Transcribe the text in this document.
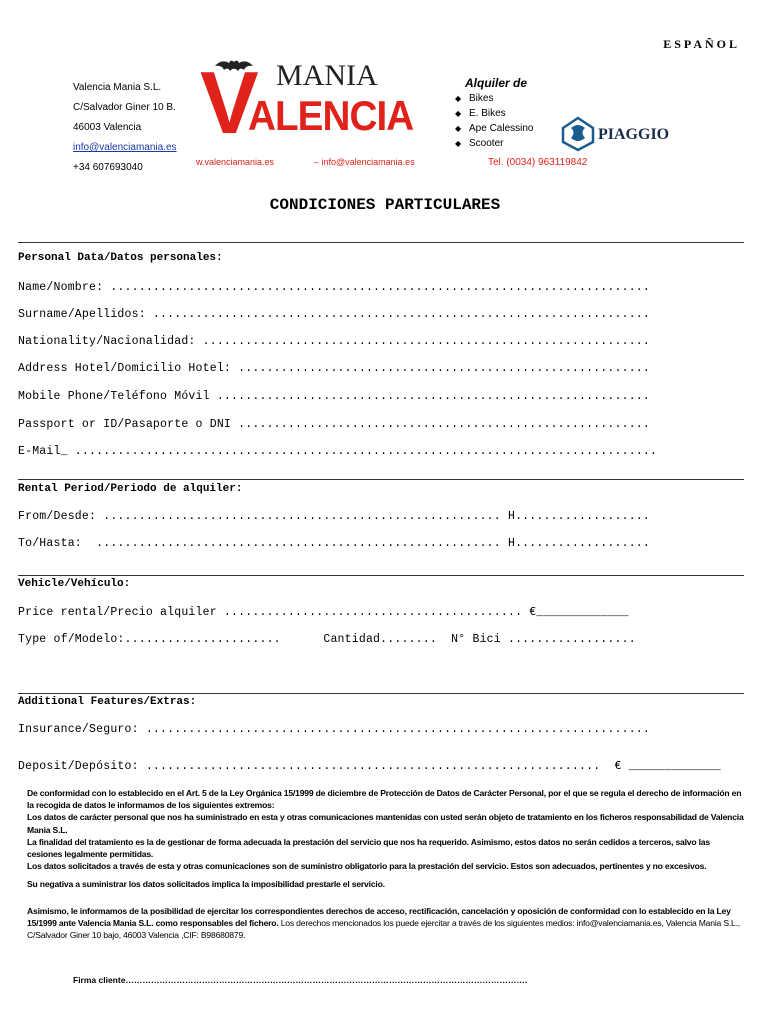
ESPAÑOL
Valencia Mania S.L.
C/Salvador Giner 10 B.
46003 Valencia
info@valenciamania.es
+34 607693040
V MANIA
ALENCIA
w.valenciamania.es	– info@valenciamania.es
Alquiler de
◆ Bikes
◆ E. Bikes
◆ Ape Calessino
◆ Scooter
Tel. (0034) 963119842
PIAGGIO
CONDICIONES PARTICULARES
Personal Data/Datos personales:
Name/Nombre: ............................................................................
Surname/Apellidos: ......................................................................
Nationality/Nacionalidad: ...............................................................
Address Hotel/Domicilio Hotel: ..........................................................
Mobile Phone/Teléfono Móvil .............................................................
Passport or ID/Pasaporte o DNI ..........................................................
E-Mail_ ..................................................................................
Rental Period/Periodo de alquiler:
From/Desde: ........................................................ H...................
To/Hasta:  ......................................................... H...................
Vehicle/Vehículo:
Price rental/Precio alquiler .......................................... €_____________
Type of/Modelo:......................      Cantidad........  N° Bici ..................
Additional Features/Extras:
Insurance/Seguro: .......................................................................
Deposit/Depósito: ................................................................  € _____________

De conformidad con lo establecido en el Art. 5 de la Ley Orgánica 15/1999 de diciembre de Protección de Datos de Carácter Personal, por el que se regula el derecho de información en la recogida de datos le informamos de los siguientes extremos:

Los datos de carácter personal que nos ha suministrado en esta y otras comunicaciones mantenidas con usted serán objeto de tratamiento en los ficheros responsabilidad de Valencia Mania S.L.

La finalidad del tratamiento es la de gestionar de forma adecuada la prestación del servicio que nos ha requerido. Asimismo, estos datos no serán cedidos a terceros, salvo las cesiones legalmente permitidas.

Los datos solicitados a través de esta y otras comunicaciones son de suministro obligatorio para la prestación del servicio. Estos son adecuados, pertinentes y no excesivos.

Su negativa a suministrar los datos solicitados implica la imposibilidad prestarle el servicio.

Asimismo, le informamos de la posibilidad de ejercitar los correspondientes derechos de acceso, rectificación, cancelación y oposición de conformidad con lo establecido en la Ley 15/1999 ante Valencia Mania S.L. como responsables del fichero. Los derechos mencionados los puede ejercitar a través de los siguientes medios: info@valenciamania.es, Valencia Mania S.L., C/Salvador Giner 10 bajo, 46003 Valencia ,CIF: B98680879.

Firma cliente…………………………………………………………………………………………………………………………….
